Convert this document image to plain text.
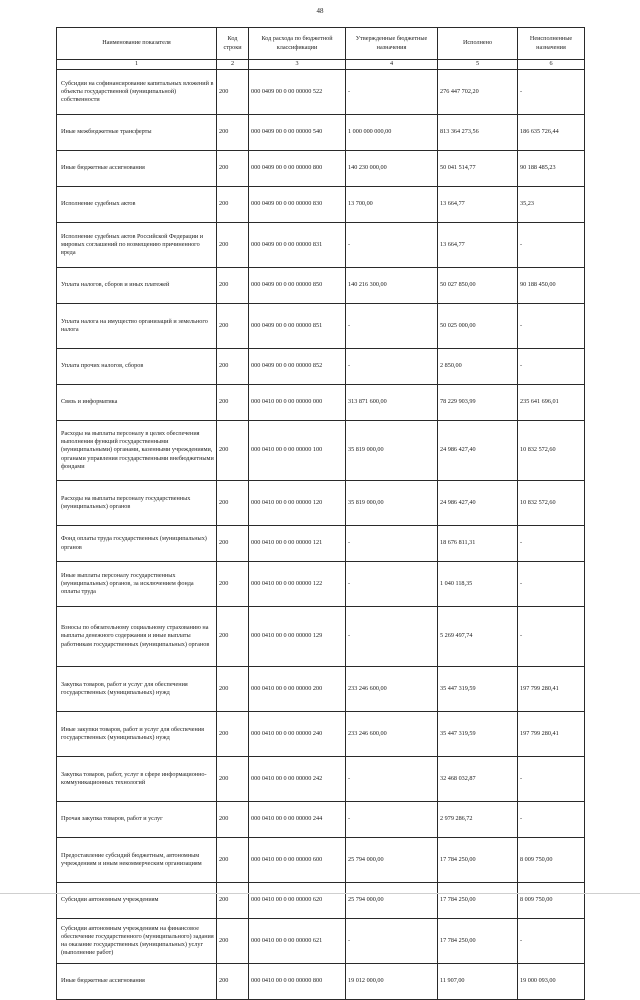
48
Наименование показателя	Код строки	Код расхода по бюджетной классификации	Утвержденные бюджетные назначения	Исполнено	Неисполненные назначения
1	2	3	4	5	6
Субсидии на софинансирование капитальных вложений в объекты государственной (муниципальной) собственности	200	000 0409 00 0 00 00000 522	-	276 447 702,20	-
Иные межбюджетные трансферты	200	000 0409 00 0 00 00000 540	1 000 000 000,00	813 364 273,56	186 635 726,44
Иные бюджетные ассигнования	200	000 0409 00 0 00 00000 800	140 230 000,00	50 041 514,77	90 188 485,23
Исполнение судебных актов	200	000 0409 00 0 00 00000 830	13 700,00	13 664,77	35,23
Исполнение судебных актов Российской Федерации и мировых соглашений по возмещению причиненного вреда	200	000 0409 00 0 00 00000 831	-	13 664,77	-
Уплата налогов, сборов и иных платежей	200	000 0409 00 0 00 00000 850	140 216 300,00	50 027 850,00	90 188 450,00
Уплата налога на имущество организаций и земельного налога	200	000 0409 00 0 00 00000 851	-	50 025 000,00	-
Уплата прочих налогов, сборов	200	000 0409 00 0 00 00000 852	-	2 850,00	-
Связь и информатика	200	000 0410 00 0 00 00000 000	313 871 600,00	78 229 903,99	235 641 696,01
Расходы на выплаты персоналу в целях обеспечения выполнения функций государственными (муниципальными) органами, казенными учреждениями, органами управления государственными внебюджетными фондами	200	000 0410 00 0 00 00000 100	35 819 000,00	24 986 427,40	10 832 572,60
Расходы на выплаты персоналу государственных (муниципальных) органов	200	000 0410 00 0 00 00000 120	35 819 000,00	24 986 427,40	10 832 572,60
Фонд оплаты труда государственных (муниципальных) органов	200	000 0410 00 0 00 00000 121	-	18 676 811,31	-
Иные выплаты персоналу государственных (муниципальных) органов, за исключением фонда оплаты труда	200	000 0410 00 0 00 00000 122	-	1 040 118,35	-
Взносы по обязательному социальному страхованию на выплаты денежного содержания и иные выплаты работникам государственных (муниципальных) органов	200	000 0410 00 0 00 00000 129	-	5 269 497,74	-
Закупка товаров, работ и услуг для обеспечения государственных (муниципальных) нужд	200	000 0410 00 0 00 00000 200	233 246 600,00	35 447 319,59	197 799 280,41
Иные закупки товаров, работ и услуг для обеспечения государственных (муниципальных) нужд	200	000 0410 00 0 00 00000 240	233 246 600,00	35 447 319,59	197 799 280,41
Закупка товаров, работ, услуг в сфере информационно-коммуникационных технологий	200	000 0410 00 0 00 00000 242	-	32 468 032,87	-
Прочая закупка товаров, работ и услуг	200	000 0410 00 0 00 00000 244	-	2 979 286,72	-
Предоставление субсидий бюджетным, автономным учреждениям и иным некоммерческим организациям	200	000 0410 00 0 00 00000 600	25 794 000,00	17 784 250,00	8 009 750,00
Субсидии автономным учреждениям	200	000 0410 00 0 00 00000 620	25 794 000,00	17 784 250,00	8 009 750,00
Субсидии автономным учреждениям на финансовое обеспечение государственного (муниципального) задания на оказание государственных (муниципальных) услуг (выполнение работ)	200	000 0410 00 0 00 00000 621	-	17 784 250,00	-
Иные бюджетные ассигнования	200	000 0410 00 0 00 00000 800	19 012 000,00	11 907,00	19 000 093,00
